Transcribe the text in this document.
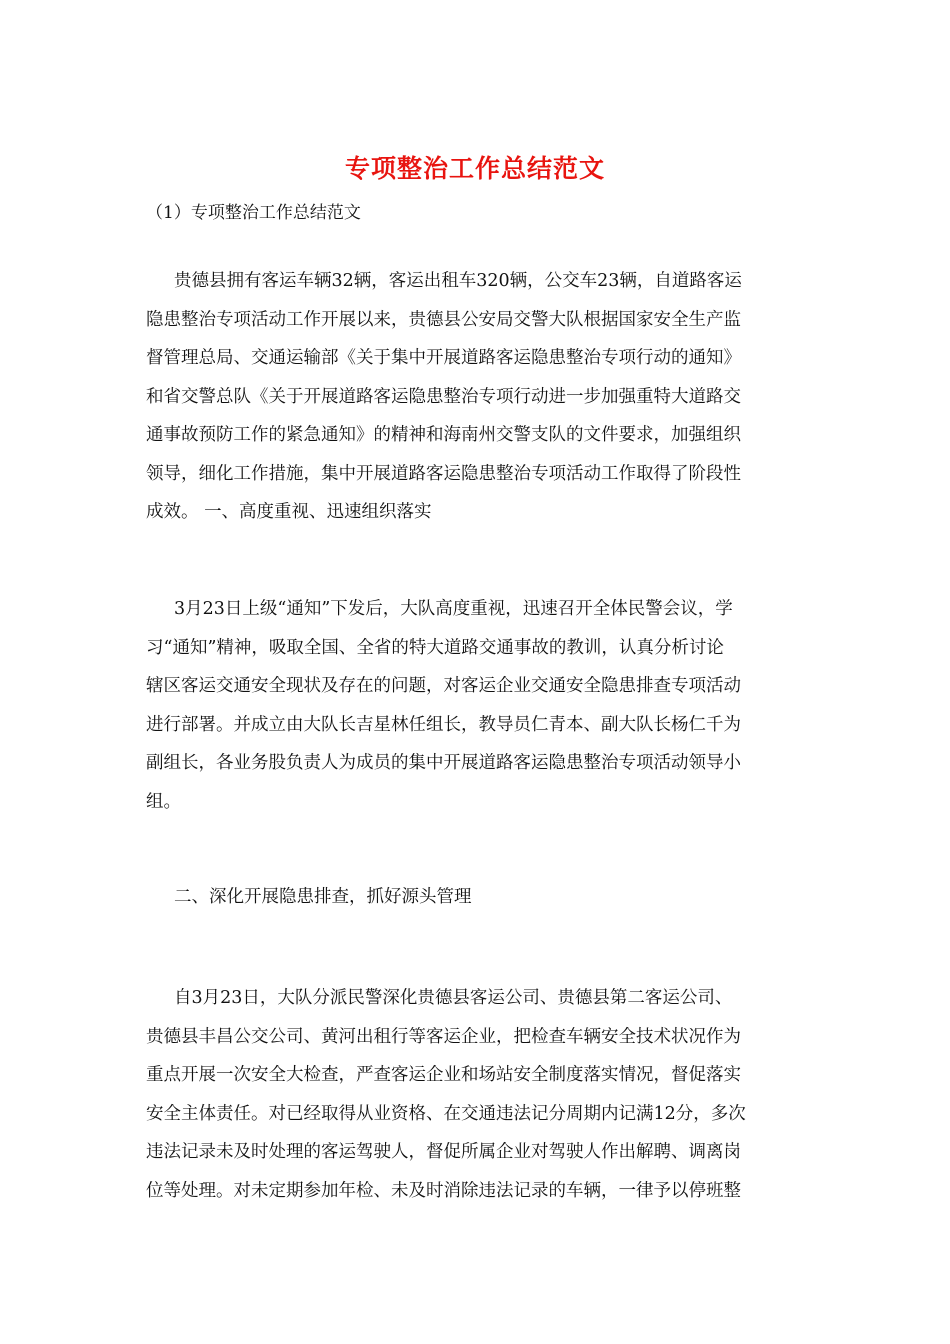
专项整治工作总结范文
（1）专项整治工作总结范文
贵德县拥有客运车辆32辆，客运出租车320辆，公交车23辆，自道路客运
隐患整治专项活动工作开展以来，贵德县公安局交警大队根据国家安全生产监
督管理总局、交通运输部《关于集中开展道路客运隐患整治专项行动的通知》
和省交警总队《关于开展道路客运隐患整治专项行动进一步加强重特大道路交
通事故预防工作的紧急通知》的精神和海南州交警支队的文件要求，加强组织
领导，细化工作措施，集中开展道路客运隐患整治专项活动工作取得了阶段性
成效。 一、高度重视、迅速组织落实
3月23日上级“通知”下发后，大队高度重视，迅速召开全体民警会议，学
习“通知”精神，吸取全国、全省的特大道路交通事故的教训，认真分析讨论
辖区客运交通安全现状及存在的问题，对客运企业交通安全隐患排查专项活动
进行部署。并成立由大队长吉星林任组长，教导员仁青本、副大队长杨仁千为
副组长，各业务股负责人为成员的集中开展道路客运隐患整治专项活动领导小
组。
二、深化开展隐患排查，抓好源头管理
自3月23日，大队分派民警深化贵德县客运公司、贵德县第二客运公司、
贵德县丰昌公交公司、黄河出租行等客运企业，把检查车辆安全技术状况作为
重点开展一次安全大检查，严查客运企业和场站安全制度落实情况，督促落实
安全主体责任。对已经取得从业资格、在交通违法记分周期内记满12分，多次
违法记录未及时处理的客运驾驶人，督促所属企业对驾驶人作出解聘、调离岗
位等处理。对未定期参加年检、未及时消除违法记录的车辆，一律予以停班整
